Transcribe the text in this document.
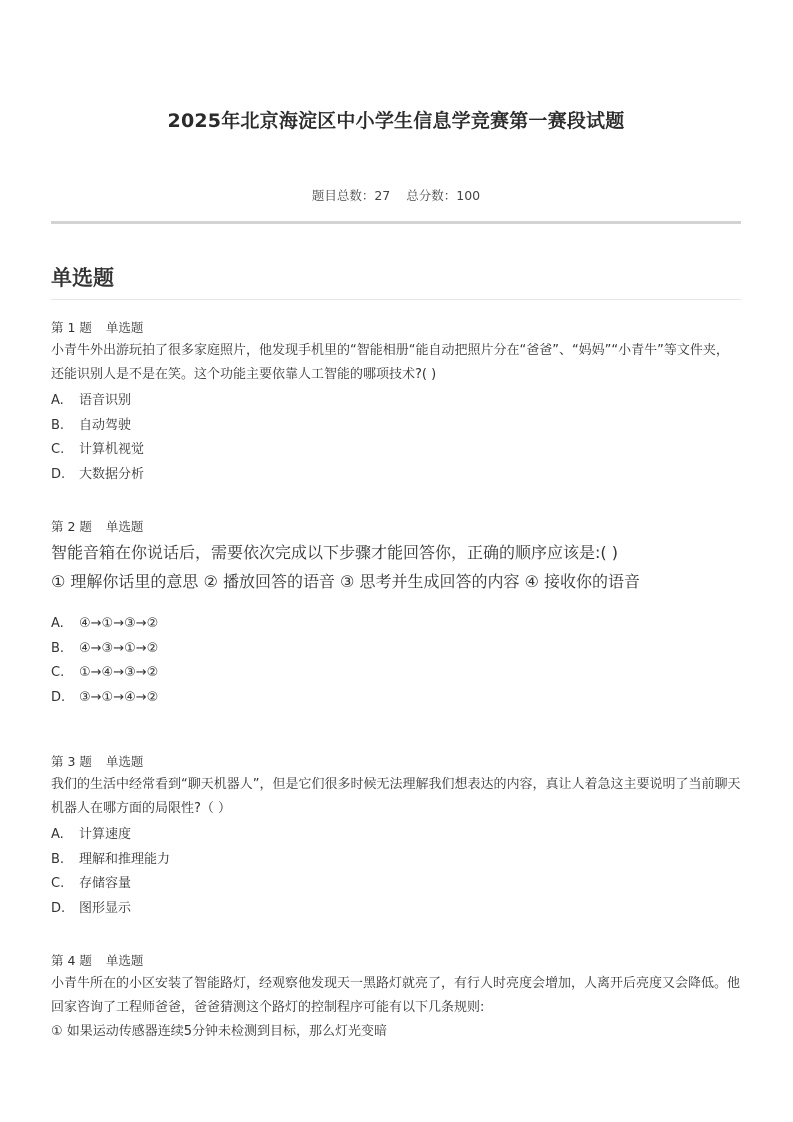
2025年北京海淀区中小学生信息学竞赛第一赛段试题
题目总数：27 总分数：100
单选题
第 1 题 单选题
小青牛外出游玩拍了很多家庭照片，他发现手机里的“智能相册“能自动把照片分在“爸爸”、“妈妈”“小青牛”等文件夹，还能识别人是不是在笑。这个功能主要依靠人工智能的哪项技术?( )
A. 语音识别
B. 自动驾驶
C. 计算机视觉
D. 大数据分析
第 2 题 单选题
智能音箱在你说话后，需要依次完成以下步骤才能回答你，正确的顺序应该是:( )
① 理解你话里的意思 ② 播放回答的语音 ③ 思考并生成回答的内容 ④ 接收你的语音
A. ④→①→③→②
B. ④→③→①→②
C. ①→④→③→②
D. ③→①→④→②
第 3 题 单选题
我们的生活中经常看到“聊天机器人”，但是它们很多时候无法理解我们想表达的内容，真让人着急这主要说明了当前聊天机器人在哪方面的局限性?（ ）
A. 计算速度
B. 理解和推理能力
C. 存储容量
D. 图形显示
第 4 题 单选题
小青牛所在的小区安装了智能路灯，经观察他发现天一黑路灯就亮了，有行人时亮度会增加，人离开后亮度又会降低。他回家咨询了工程师爸爸，爸爸猜测这个路灯的控制程序可能有以下几条规则:
① 如果运动传感器连续5分钟未检测到目标，那么灯光变暗
